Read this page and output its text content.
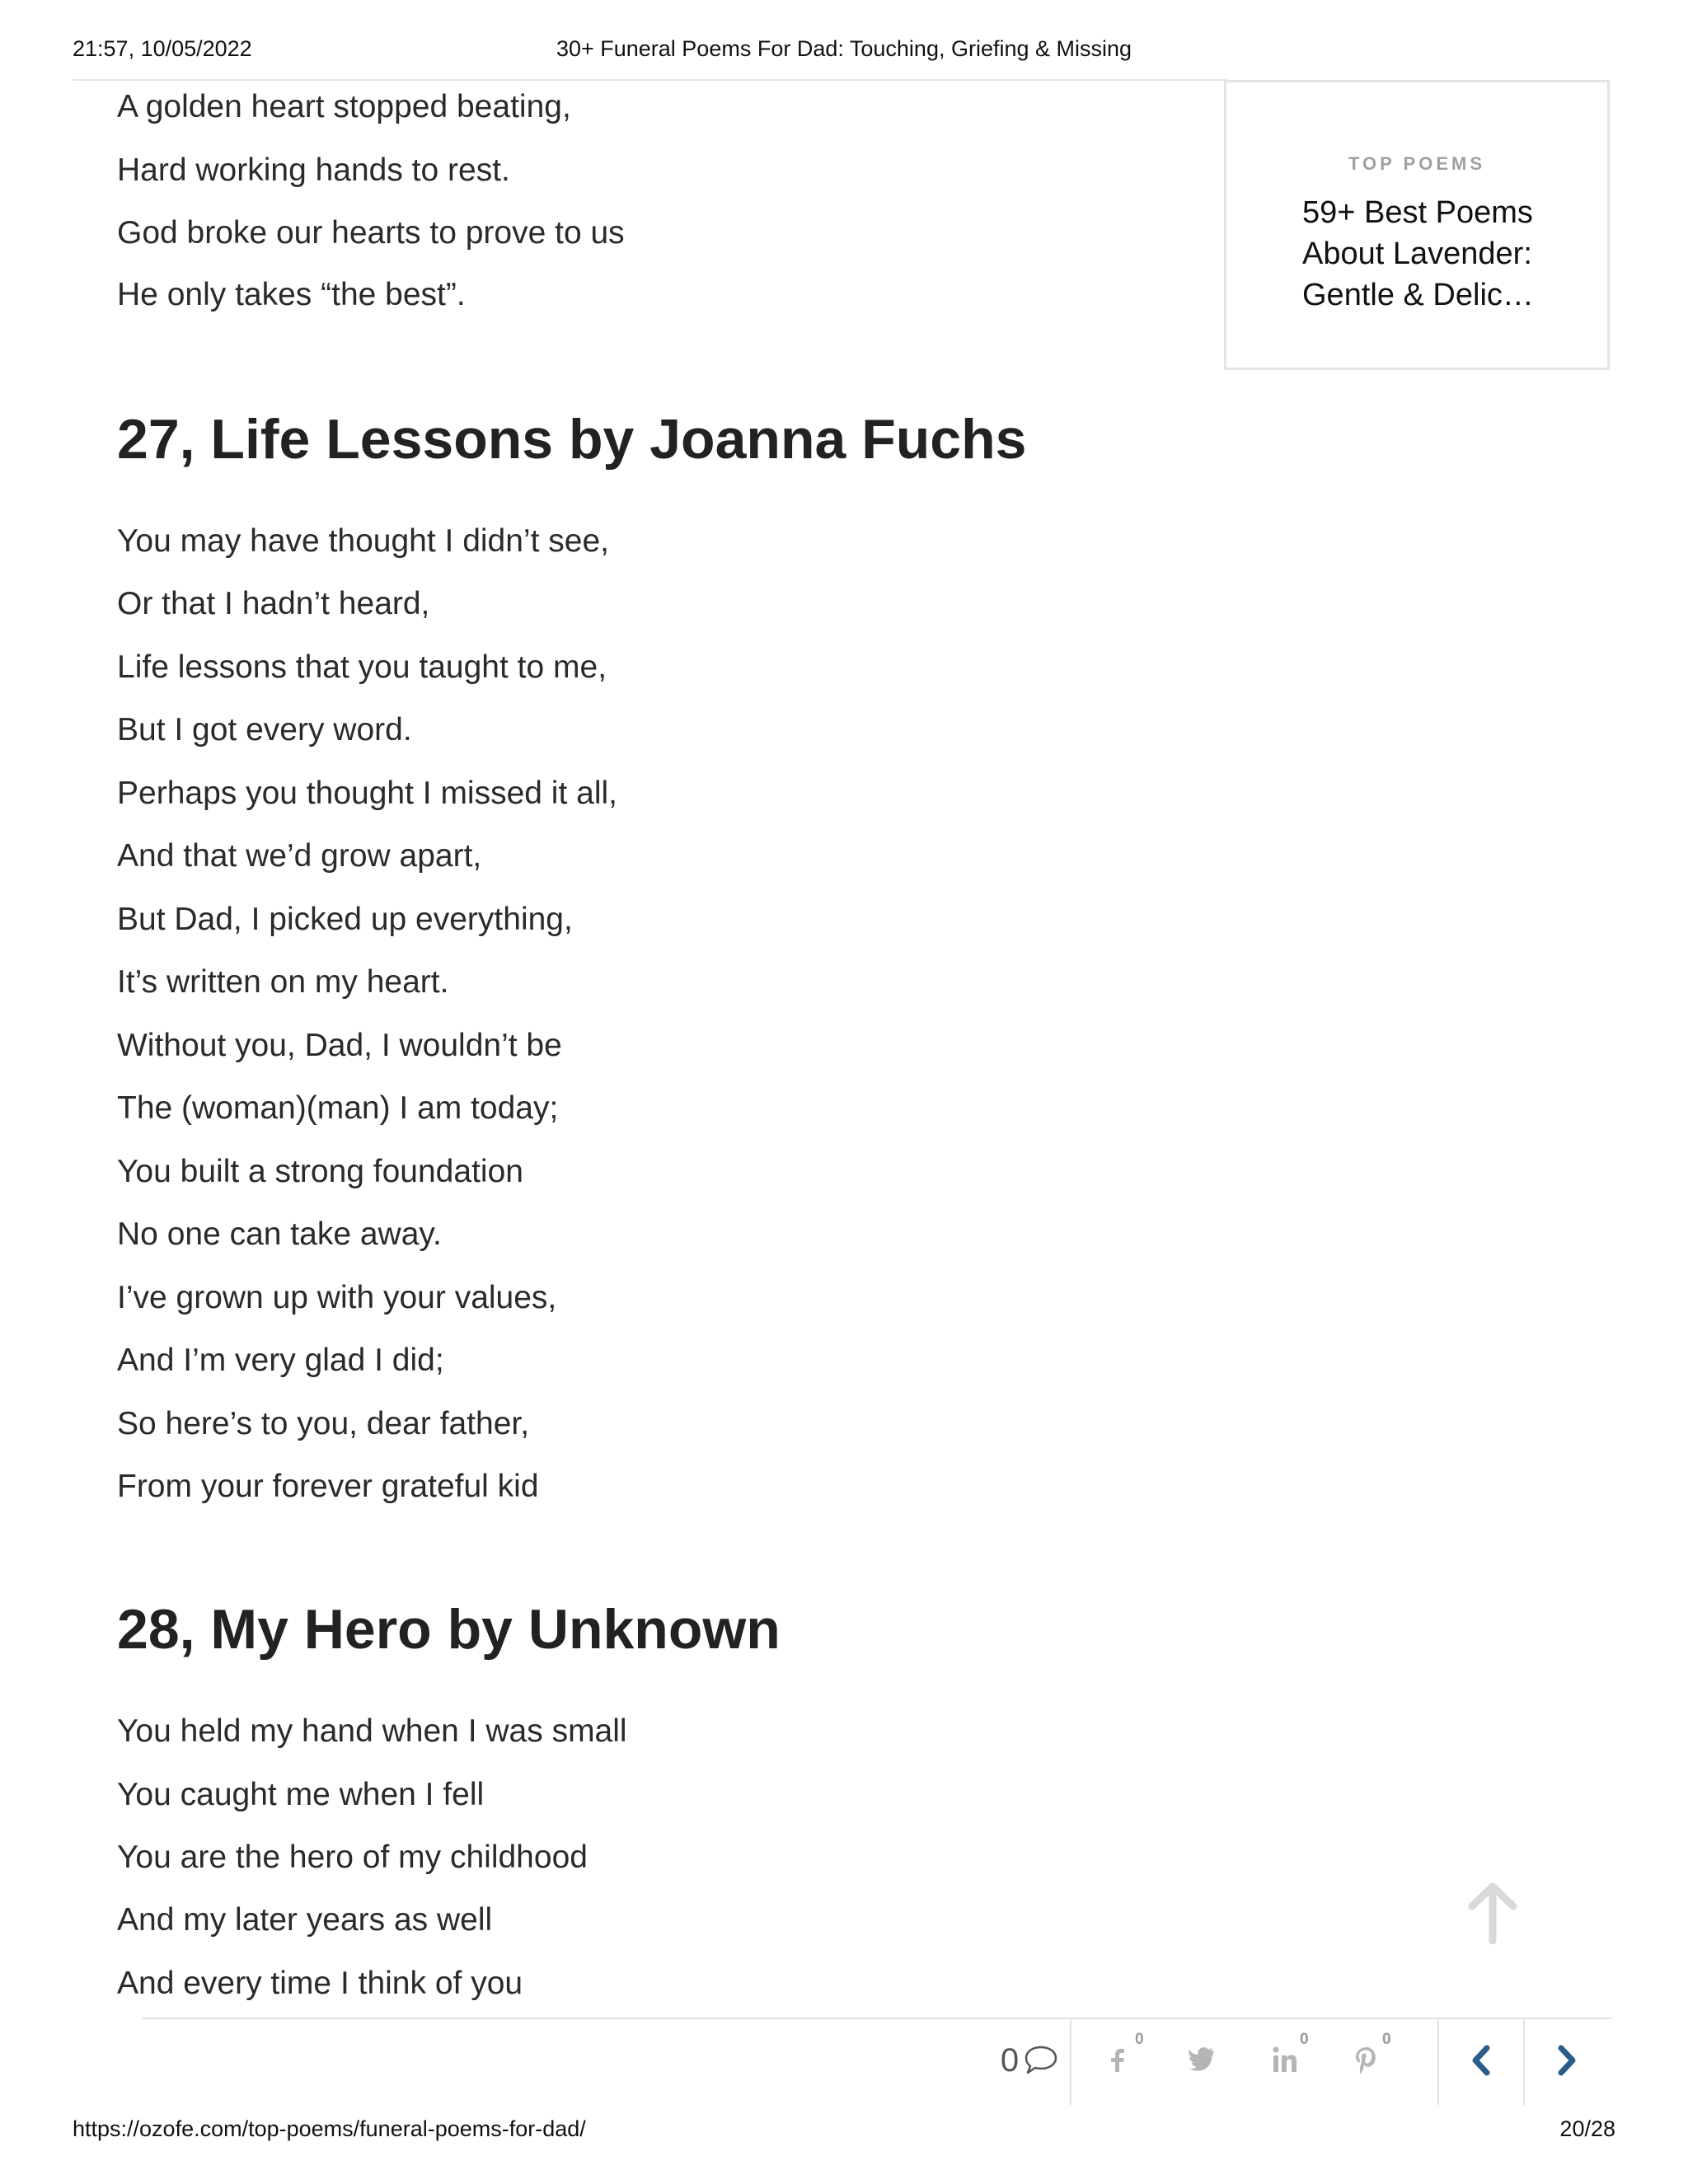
21:57, 10/05/2022	30+ Funeral Poems For Dad: Touching, Griefing & Missing
A golden heart stopped beating,
Hard working hands to rest.
God broke our hearts to prove to us
He only takes “the best”.
27, Life Lessons by Joanna Fuchs
You may have thought I didn’t see,
Or that I hadn’t heard,
Life lessons that you taught to me,
But I got every word.
Perhaps you thought I missed it all,
And that we’d grow apart,
But Dad, I picked up everything,
It’s written on my heart.
Without you, Dad, I wouldn’t be
The (woman)(man) I am today;
You built a strong foundation
No one can take away.
I’ve grown up with your values,
And I’m very glad I did;
So here’s to you, dear father,
From your forever grateful kid
28, My Hero by Unknown
You held my hand when I was small
You caught me when I fell
You are the hero of my childhood
And my later years as well
And every time I think of you
TOP POEMS
59+ Best Poems
About Lavender:
Gentle & Delic…
0
0	0	0
https://ozofe.com/top-poems/funeral-poems-for-dad/	20/28
